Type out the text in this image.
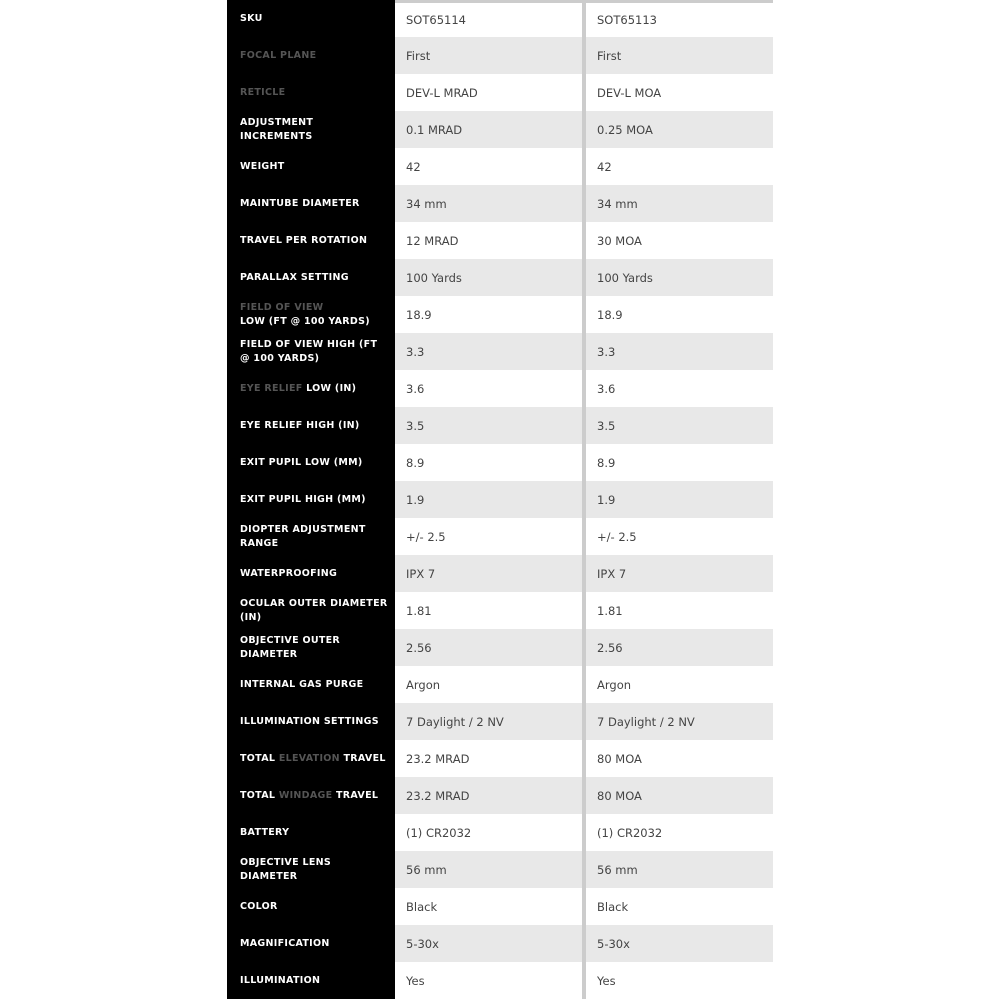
SKU	SOT65114	SOT65113
FOCAL PLANE	First	First
RETICLE	DEV-L MRAD	DEV-L MOA
ADJUSTMENT INCREMENTS	0.1 MRAD	0.25 MOA
WEIGHT	42	42
MAINTUBE DIAMETER	34 mm	34 mm
TRAVEL PER ROTATION	12 MRAD	30 MOA
PARALLAX SETTING	100 Yards	100 Yards
FIELD OF VIEW
LOW (FT @ 100 YARDS)	18.9	18.9
FIELD OF VIEW HIGH (FT @ 100 YARDS)	3.3	3.3
EYE RELIEF LOW (IN)	3.6	3.6
EYE RELIEF HIGH (IN)	3.5	3.5
EXIT PUPIL LOW (MM)	8.9	8.9
EXIT PUPIL HIGH (MM)	1.9	1.9
DIOPTER ADJUSTMENT RANGE	+/- 2.5	+/- 2.5
WATERPROOFING	IPX 7	IPX 7
OCULAR OUTER DIAMETER (IN)	1.81	1.81
OBJECTIVE OUTER DIAMETER	2.56	2.56
INTERNAL GAS PURGE	Argon	Argon
ILLUMINATION SETTINGS	7 Daylight / 2 NV	7 Daylight / 2 NV
TOTAL ELEVATION TRAVEL	23.2 MRAD	80 MOA
TOTAL WINDAGE TRAVEL	23.2 MRAD	80 MOA
BATTERY	(1) CR2032	(1) CR2032
OBJECTIVE LENS DIAMETER	56 mm	56 mm
COLOR	Black	Black
MAGNIFICATION	5-30x	5-30x
ILLUMINATION	Yes	Yes
